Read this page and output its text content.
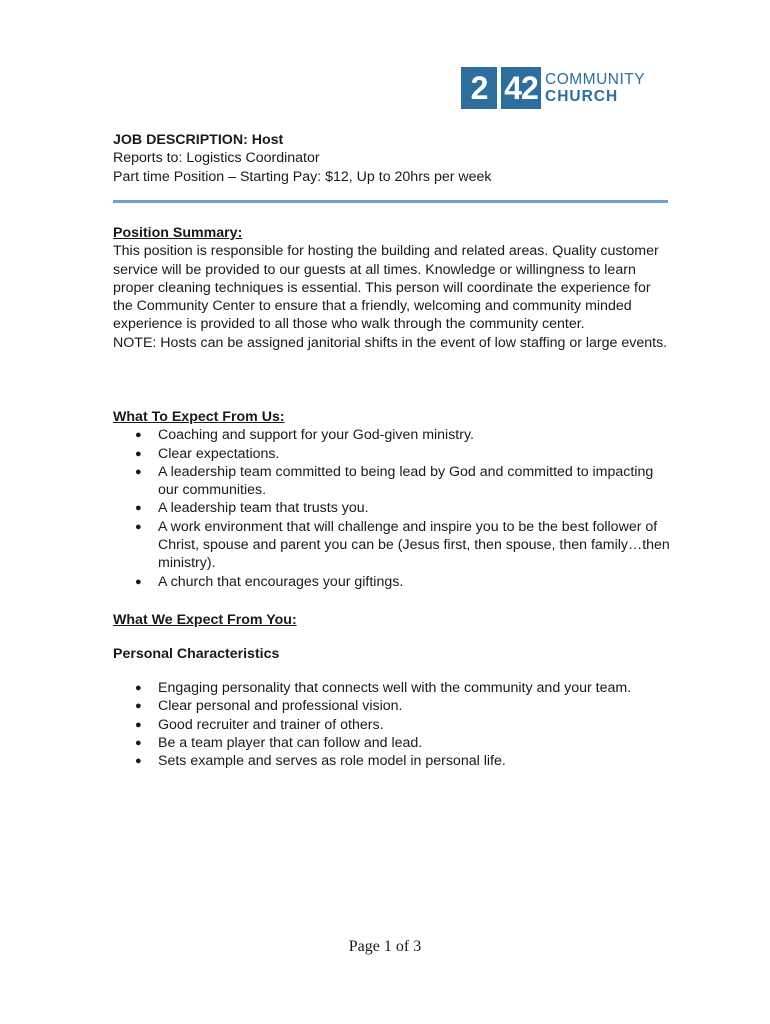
2 42 COMMUNITY
CHURCH
JOB DESCRIPTION: Host
Reports to: Logistics Coordinator
Part time Position – Starting Pay: $12, Up to 20hrs per week
Position Summary:

This position is responsible for hosting the building and related areas. Quality customer service will be provided to our guests at all times. Knowledge or willingness to learn proper cleaning techniques is essential. This person will coordinate the experience for the Community Center to ensure that a friendly, welcoming and community minded experience is provided to all those who walk through the community center.

NOTE: Hosts can be assigned janitorial shifts in the event of low staffing or large events.

What To Expect From Us:
● Coaching and support for your God-given ministry.
● Clear expectations.
● A leadership team committed to being lead by God and committed to impacting our communities.
● A leadership team that trusts you.
● A work environment that will challenge and inspire you to be the best follower of Christ, spouse and parent you can be (Jesus first, then spouse, then family…then ministry).
● A church that encourages your giftings.
What We Expect From You:
Personal Characteristics
● Engaging personality that connects well with the community and your team.
● Clear personal and professional vision.
● Good recruiter and trainer of others.
● Be a team player that can follow and lead.
● Sets example and serves as role model in personal life.
Page 1 of 3
